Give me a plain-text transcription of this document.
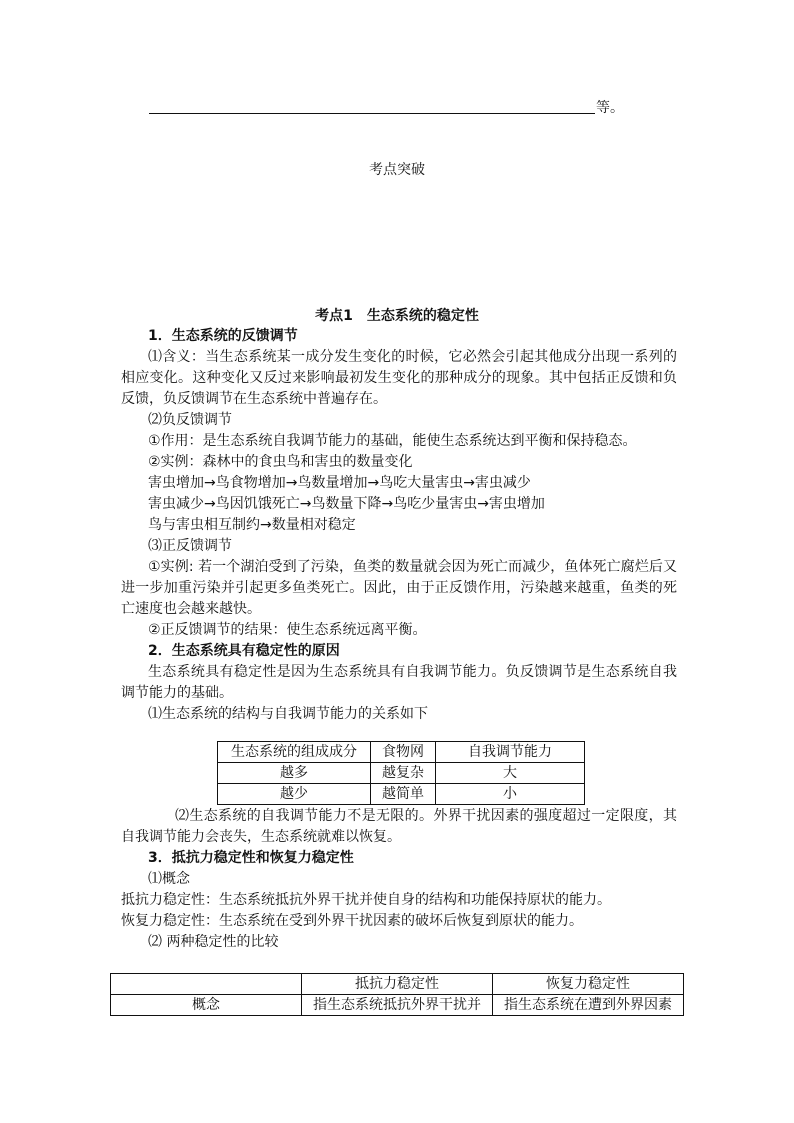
等。
考点突破
考点1　生态系统的稳定性
1．生态系统的反馈调节
⑴含义：当生态系统某一成分发生变化的时候，它必然会引起其他成分出现一系列的相应变化。这种变化又反过来影响最初发生变化的那种成分的现象。其中包括正反馈和负反馈，负反馈调节在生态系统中普遍存在。
⑵负反馈调节
①作用：是生态系统自我调节能力的基础，能使生态系统达到平衡和保持稳态。
②实例：森林中的食虫鸟和害虫的数量变化
害虫增加→鸟食物增加→鸟数量增加→鸟吃大量害虫→害虫减少
害虫减少→鸟因饥饿死亡→鸟数量下降→鸟吃少量害虫→害虫增加
鸟与害虫相互制约→数量相对稳定
⑶正反馈调节
①实例: 若一个湖泊受到了污染，鱼类的数量就会因为死亡而减少，鱼体死亡腐烂后又进一步加重污染并引起更多鱼类死亡。因此，由于正反馈作用，污染越来越重，鱼类的死亡速度也会越来越快。
②正反馈调节的结果：使生态系统远离平衡。
2．生态系统具有稳定性的原因
生态系统具有稳定性是因为生态系统具有自我调节能力。负反馈调节是生态系统自我调节能力的基础。
⑴生态系统的结构与自我调节能力的关系如下
生态系统的组成成分	食物网	自我调节能力
越多	越复杂	大
越少	越简单	小
⑵生态系统的自我调节能力不是无限的。外界干扰因素的强度超过一定限度，其自我调节能力会丧失，生态系统就难以恢复。
3．抵抗力稳定性和恢复力稳定性
⑴概念
抵抗力稳定性：生态系统抵抗外界干扰并使自身的结构和功能保持原状的能力。
恢复力稳定性：生态系统在受到外界干扰因素的破坏后恢复到原状的能力。
⑵ 两种稳定性的比较
	抵抗力稳定性	恢复力稳定性
概念	指生态系统抵抗外界干扰并	指生态系统在遭到外界因素
